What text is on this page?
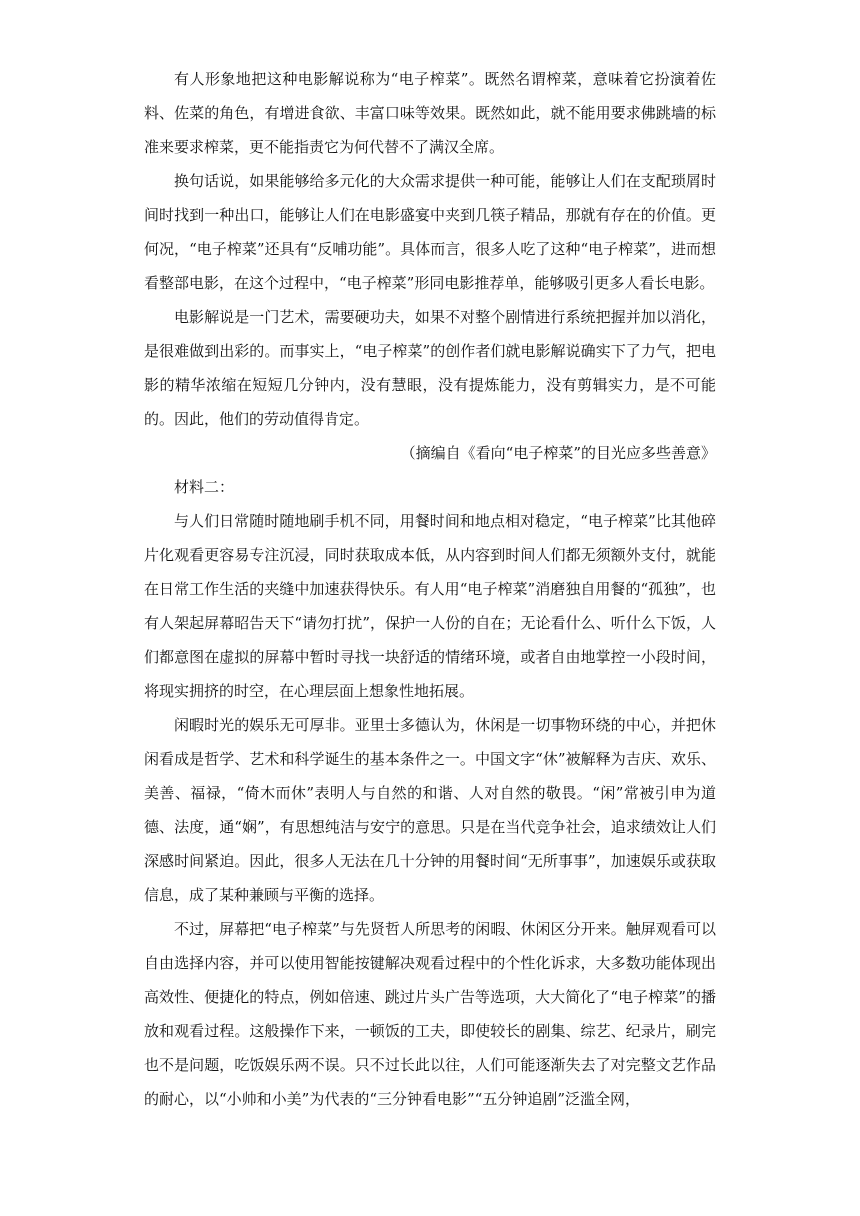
有人形象地把这种电影解说称为“电子榨菜”。既然名谓榨菜，意味着它扮演着佐料、佐菜的角色，有增进食欲、丰富口味等效果。既然如此，就不能用要求佛跳墙的标准来要求榨菜，更不能指责它为何代替不了满汉全席。

换句话说，如果能够给多元化的大众需求提供一种可能，能够让人们在支配琐屑时间时找到一种出口，能够让人们在电影盛宴中夹到几筷子精品，那就有存在的价值。更何况，“电子榨菜”还具有“反哺功能”。具体而言，很多人吃了这种“电子榨菜”，进而想看整部电影，在这个过程中，“电子榨菜”形同电影推荐单，能够吸引更多人看长电影。

电影解说是一门艺术，需要硬功夫，如果不对整个剧情进行系统把握并加以消化，是很难做到出彩的。而事实上，“电子榨菜”的创作者们就电影解说确实下了力气，把电影的精华浓缩在短短几分钟内，没有慧眼，没有提炼能力，没有剪辑实力，是不可能的。因此，他们的劳动值得肯定。

（摘编自《看向“电子榨菜”的目光应多些善意》

材料二：

与人们日常随时随地刷手机不同，用餐时间和地点相对稳定，“电子榨菜”比其他碎片化观看更容易专注沉浸，同时获取成本低，从内容到时间人们都无须额外支付，就能在日常工作生活的夹缝中加速获得快乐。有人用“电子榨菜”消磨独自用餐的“孤独”，也有人架起屏幕昭告天下“请勿打扰”，保护一人份的自在；无论看什么、听什么下饭，人们都意图在虚拟的屏幕中暂时寻找一块舒适的情绪环境，或者自由地掌控一小段时间，将现实拥挤的时空，在心理层面上想象性地拓展。

闲暇时光的娱乐无可厚非。亚里士多德认为，休闲是一切事物环绕的中心，并把休闲看成是哲学、艺术和科学诞生的基本条件之一。中国文字“休”被解释为吉庆、欢乐、美善、福禄，“倚木而休”表明人与自然的和谐、人对自然的敬畏。“闲”常被引申为道德、法度，通“娴”，有思想纯洁与安宁的意思。只是在当代竞争社会，追求绩效让人们深感时间紧迫。因此，很多人无法在几十分钟的用餐时间“无所事事”，加速娱乐或获取信息，成了某种兼顾与平衡的选择。

不过，屏幕把“电子榨菜”与先贤哲人所思考的闲暇、休闲区分开来。触屏观看可以自由选择内容，并可以使用智能按键解决观看过程中的个性化诉求，大多数功能体现出高效性、便捷化的特点，例如倍速、跳过片头广告等选项，大大简化了“电子榨菜”的播放和观看过程。这般操作下来，一顿饭的工夫，即使较长的剧集、综艺、纪录片，刷完也不是问题，吃饭娱乐两不误。只不过长此以往，人们可能逐渐失去了对完整文艺作品的耐心，以“小帅和小美”为代表的“三分钟看电影”“五分钟追剧”泛滥全网，
